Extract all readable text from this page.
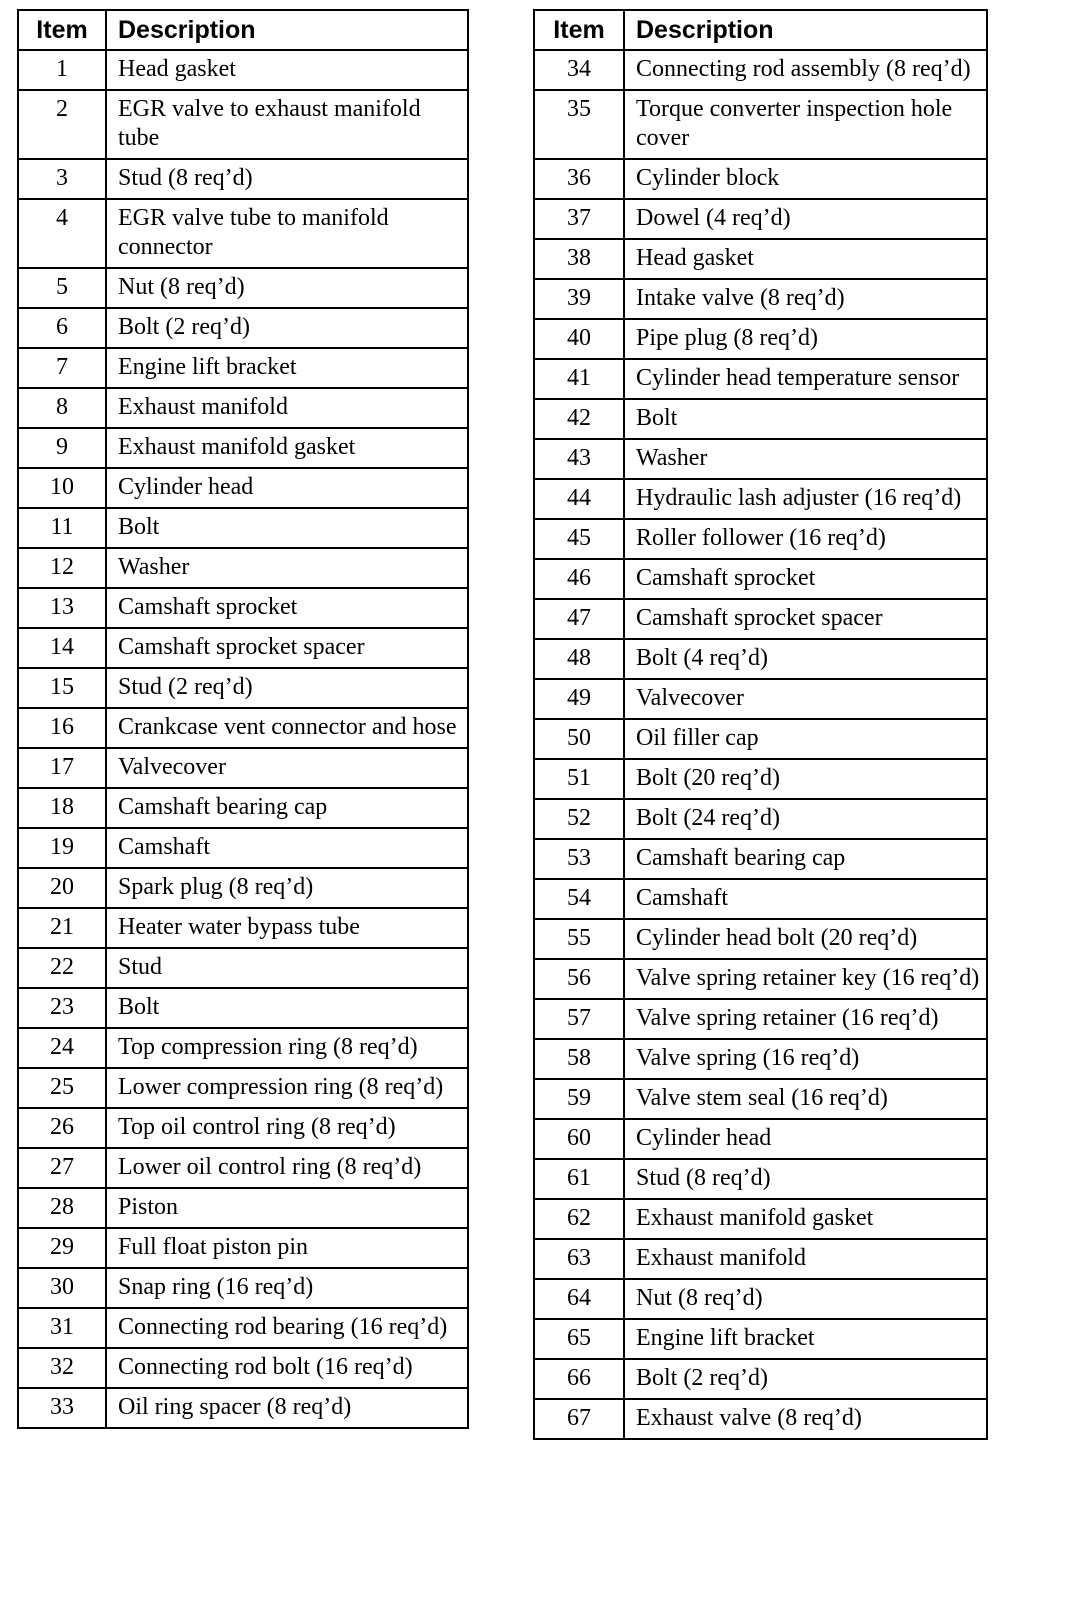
Item	Description
1	Head gasket
2	EGR valve to exhaust manifold tube
3	Stud (8 req’d)
4	EGR valve tube to manifold connector
5	Nut (8 req’d)
6	Bolt (2 req’d)
7	Engine lift bracket
8	Exhaust manifold
9	Exhaust manifold gasket
10	Cylinder head
11	Bolt
12	Washer
13	Camshaft sprocket
14	Camshaft sprocket spacer
15	Stud (2 req’d)
16	Crankcase vent connector and hose
17	Valvecover
18	Camshaft bearing cap
19	Camshaft
20	Spark plug (8 req’d)
21	Heater water bypass tube
22	Stud
23	Bolt
24	Top compression ring (8 req’d)
25	Lower compression ring (8 req’d)
26	Top oil control ring (8 req’d)
27	Lower oil control ring (8 req’d)
28	Piston
29	Full float piston pin
30	Snap ring (16 req’d)
31	Connecting rod bearing (16 req’d)
32	Connecting rod bolt (16 req’d)
33	Oil ring spacer (8 req’d)
Item	Description
34	Connecting rod assembly (8 req’d)
35	Torque converter inspection hole cover
36	Cylinder block
37	Dowel (4 req’d)
38	Head gasket
39	Intake valve (8 req’d)
40	Pipe plug (8 req’d)
41	Cylinder head temperature sensor
42	Bolt
43	Washer
44	Hydraulic lash adjuster (16 req’d)
45	Roller follower (16 req’d)
46	Camshaft sprocket
47	Camshaft sprocket spacer
48	Bolt (4 req’d)
49	Valvecover
50	Oil filler cap
51	Bolt (20 req’d)
52	Bolt (24 req’d)
53	Camshaft bearing cap
54	Camshaft
55	Cylinder head bolt (20 req’d)
56	Valve spring retainer key (16 req’d)
57	Valve spring retainer (16 req’d)
58	Valve spring (16 req’d)
59	Valve stem seal (16 req’d)
60	Cylinder head
61	Stud (8 req’d)
62	Exhaust manifold gasket
63	Exhaust manifold
64	Nut (8 req’d)
65	Engine lift bracket
66	Bolt (2 req’d)
67	Exhaust valve (8 req’d)
